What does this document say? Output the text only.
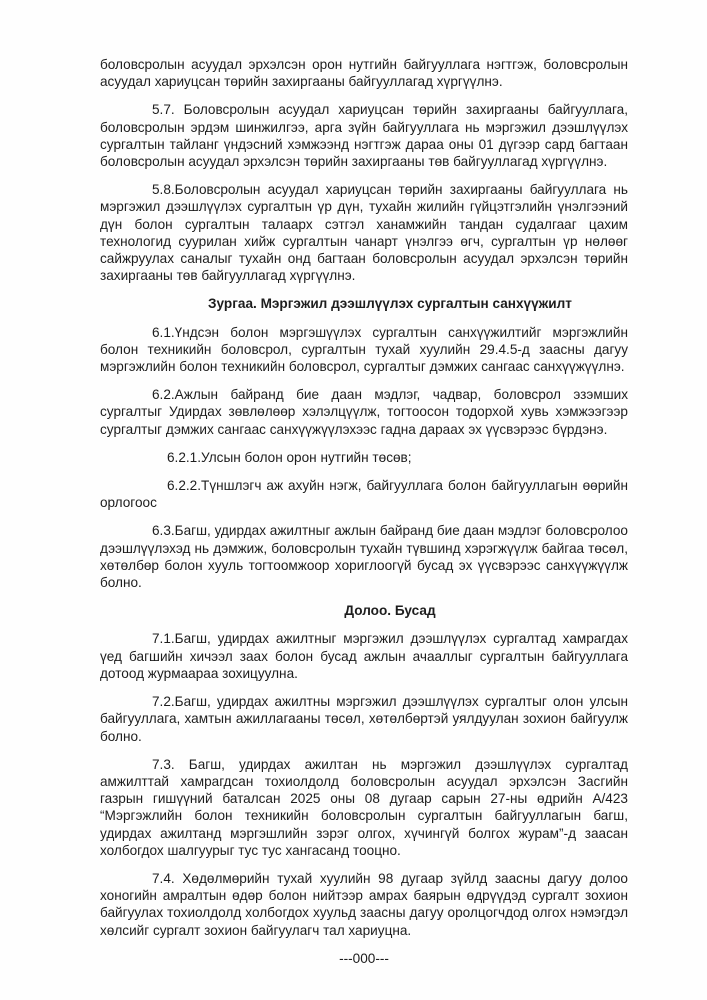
боловсролын асуудал эрхэлсэн орон нутгийн байгууллага нэгтгэж, боловсролын асуудал хариуцсан төрийн захиргааны байгууллагад хүргүүлнэ.

5.7. Боловсролын асуудал хариуцсан төрийн захиргааны байгууллага, боловсролын эрдэм шинжилгээ, арга зүйн байгууллага нь мэргэжил дээшлүүлэх сургалтын тайланг үндэсний хэмжээнд нэгтгэж дараа оны 01 дүгээр сард багтаан боловсролын асуудал эрхэлсэн төрийн захиргааны төв байгууллагад хүргүүлнэ.

5.8.Боловсролын асуудал хариуцсан төрийн захиргааны байгууллага нь мэргэжил дээшлүүлэх сургалтын үр дүн, тухайн жилийн гүйцэтгэлийн үнэлгээний дүн болон сургалтын талаарх сэтгэл ханамжийн тандан судалгааг цахим технологид суурилан хийж сургалтын чанарт үнэлгээ өгч, сургалтын үр нөлөөг сайжруулах саналыг тухайн онд багтаан боловсролын асуудал эрхэлсэн төрийн захиргааны төв байгууллагад хүргүүлнэ.

Зургаа. Мэргэжил дээшлүүлэх сургалтын санхүүжилт

6.1.Үндсэн болон мэргэшүүлэх сургалтын санхүүжилтийг мэргэжлийн болон техникийн боловсрол, сургалтын тухай хуулийн 29.4.5-д заасны дагуу мэргэжлийн болон техникийн боловсрол, сургалтыг дэмжих сангаас санхүүжүүлнэ.

6.2.Ажлын байранд бие даан мэдлэг, чадвар, боловсрол эзэмших сургалтыг Удирдах зөвлөлөөр хэлэлцүүлж, тогтоосон тодорхой хувь хэмжээгээр сургалтыг дэмжих сангаас санхүүжүүлэхээс гадна дараах эх үүсвэрээс бүрдэнэ.

6.2.1.Улсын болон орон нутгийн төсөв;

6.2.2.Түншлэгч аж ахуйн нэгж, байгууллага болон байгууллагын өөрийн орлогоос

6.3.Багш, удирдах ажилтныг ажлын байранд бие даан мэдлэг боловсролоо дээшлүүлэхэд нь дэмжиж, боловсролын тухайн түвшинд хэрэгжүүлж байгаа төсөл, хөтөлбөр болон хууль тогтоомжоор хориглоогүй бусад эх үүсвэрээс санхүүжүүлж болно.

Долоо. Бусад

7.1.Багш, удирдах ажилтныг мэргэжил дээшлүүлэх сургалтад хамрагдах үед багшийн хичээл заах болон бусад ажлын ачааллыг сургалтын байгууллага дотоод журмаараа зохицуулна.

7.2.Багш, удирдах ажилтны мэргэжил дээшлүүлэх сургалтыг олон улсын байгууллага, хамтын ажиллагааны төсөл, хөтөлбөртэй уялдуулан зохион байгуулж болно.

7.3. Багш, удирдах ажилтан нь мэргэжил дээшлүүлэх сургалтад амжилттай хамрагдсан тохиолдолд боловсролын асуудал эрхэлсэн Засгийн газрын гишүүний баталсан 2025 оны 08 дугаар сарын 27-ны өдрийн А/423 “Мэргэжлийн болон техникийн боловсролын сургалтын байгууллагын багш, удирдах ажилтанд мэргэшлийн зэрэг олгох, хүчингүй болгох журам”-д заасан холбогдох шалгуурыг тус тус хангасанд тооцно.

7.4. Хөдөлмөрийн тухай хуулийн 98 дугаар зүйлд заасны дагуу долоо хоногийн амралтын өдөр болон нийтээр амрах баярын өдрүүдэд сургалт зохион байгуулах тохиолдолд холбогдох хуульд заасны дагуу оролцогчдод олгох нэмэгдэл хөлсийг сургалт зохион байгуулагч тал хариуцна.

---000---
